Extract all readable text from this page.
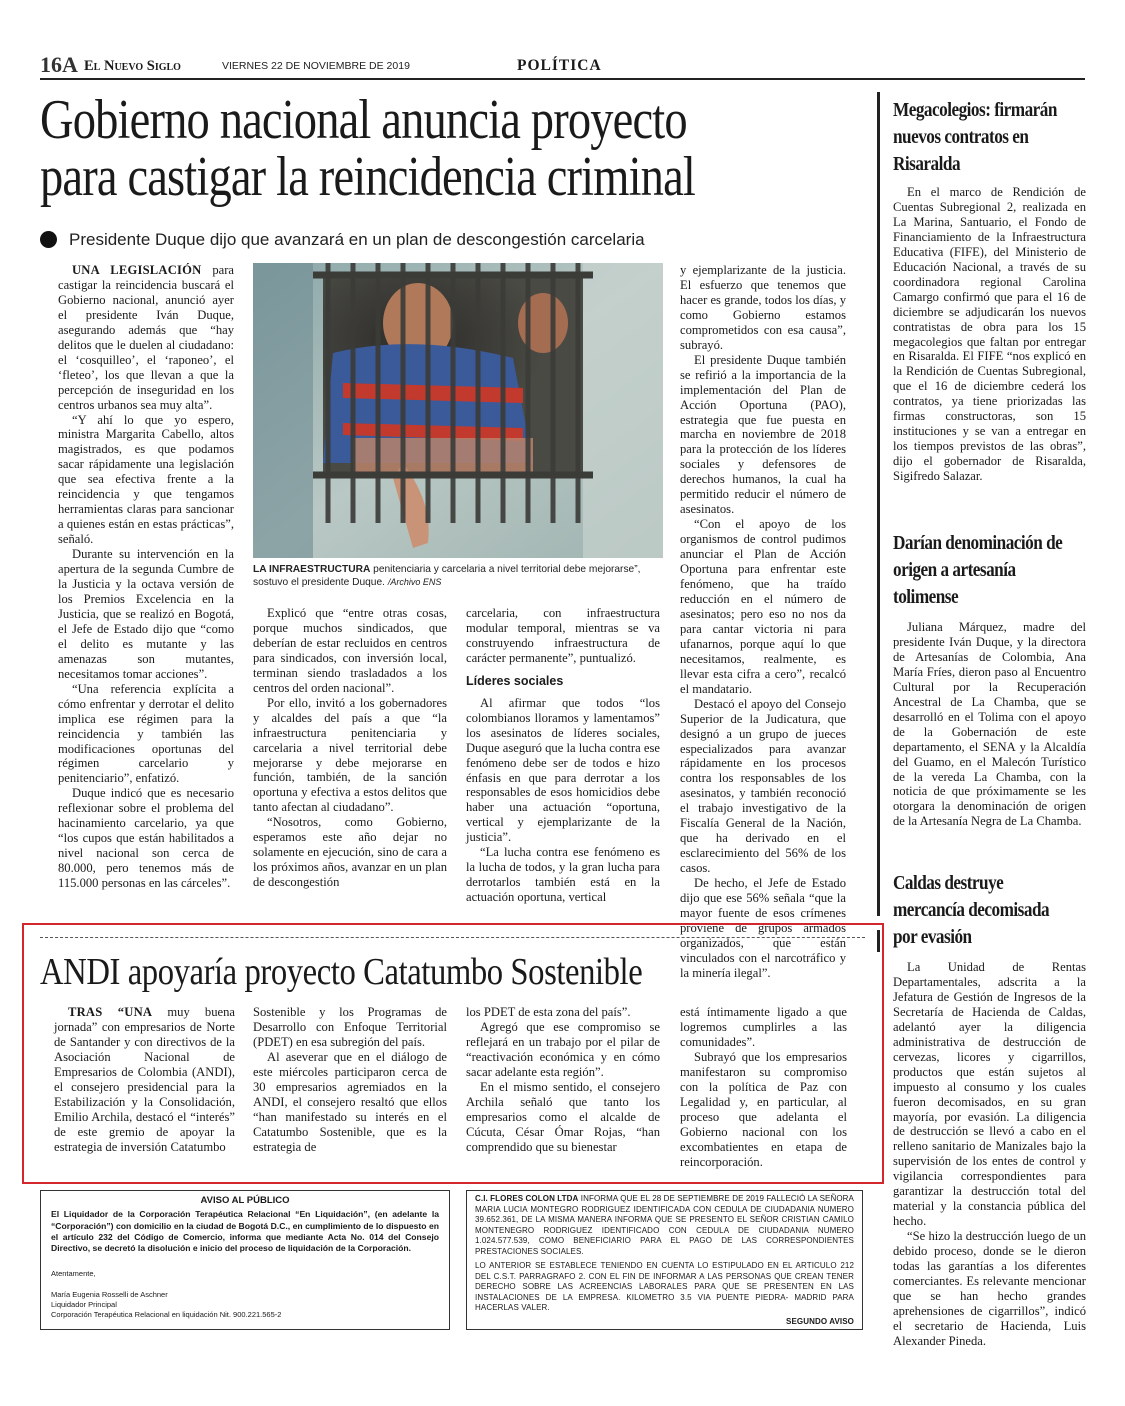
16A El Nuevo Siglo	VIERNES 22 DE NOVIEMBRE DE 2019	POLÍTICA
Gobierno nacional anuncia proyecto
para castigar la reincidencia criminal
Presidente Duque dijo que avanzará en un plan de descongestión carcelaria

UNA LEGISLACIÓN para castigar la reincidencia buscará el Gobierno nacional, anunció ayer el presidente Iván Duque, asegurando además que “hay delitos que le duelen al ciudadano: el ‘cosquilleo’, el ‘raponeo’, el ‘fleteo’, los que llevan a que la percepción de inseguridad en los centros urbanos sea muy alta”.

“Y ahí lo que yo espero, ministra Margarita Cabello, altos magistrados, es que podamos sacar rápidamente una legislación que sea efectiva frente a la reincidencia y que tengamos herramientas claras para sancionar a quienes están en estas prácticas”, señaló.

Durante su intervención en la apertura de la segunda Cumbre de la Justicia y la octava versión de los Premios Excelencia en la Justicia, que se realizó en Bogotá, el Jefe de Estado dijo que “como el delito es mutante y las amenazas son mutantes, necesitamos tomar acciones”.

“Una referencia explícita a cómo enfrentar y derrotar el delito implica ese régimen para la reincidencia y también las modificaciones oportunas del régimen carcelario y penitenciario”, enfatizó.

Duque indicó que es necesario reflexionar sobre el problema del hacinamiento carcelario, ya que “los cupos que están habilitados a nivel nacional son cerca de 80.000, pero tenemos más de 115.000 personas en las cárceles”.

LA INFRAESTRUCTURA penitenciaria y carcelaria a nivel territorial debe mejorarse”, sostuvo el presidente Duque. /Archivo ENS

Explicó que “entre otras cosas, porque muchos sindicados, que deberían de estar recluidos en centros para sindicados, con inversión local, terminan siendo trasladados a los centros del orden nacional”.

Por ello, invitó a los gobernadores y alcaldes del país a que “la infraestructura penitenciaria y carcelaria a nivel territorial debe mejorarse y debe mejorarse en función, también, de la sanción oportuna y efectiva a estos delitos que tanto afectan al ciudadano”.

“Nosotros, como Gobierno, esperamos este año dejar no solamente en ejecución, sino de cara a los próximos años, avanzar en un plan de descongestión

carcelaria, con infraestructura modular temporal, mientras se va construyendo infraestructura de carácter permanente”, puntualizó.

Líderes sociales

Al afirmar que todos “los colombianos lloramos y lamentamos” los asesinatos de líderes sociales, Duque aseguró que la lucha contra ese fenómeno debe ser de todos e hizo énfasis en que para derrotar a los responsables de esos homicidios debe haber una actuación “oportuna, vertical y ejemplarizante de la justicia”.

“La lucha contra ese fenómeno es la lucha de todos, y la gran lucha para derrotarlos también está en la actuación oportuna, vertical

y ejemplarizante de la justicia. El esfuerzo que tenemos que hacer es grande, todos los días, y como Gobierno estamos comprometidos con esa causa”, subrayó.

El presidente Duque también se refirió a la importancia de la implementación del Plan de Acción Oportuna (PAO), estrategia que fue puesta en marcha en noviembre de 2018 para la protección de los líderes sociales y defensores de derechos humanos, la cual ha permitido reducir el número de asesinatos.

“Con el apoyo de los organismos de control pudimos anunciar el Plan de Acción Oportuna para enfrentar este fenómeno, que ha traído reducción en el número de asesinatos; pero eso no nos da para cantar victoria ni para ufanarnos, porque aquí lo que necesitamos, realmente, es llevar esta cifra a cero”, recalcó el mandatario.

Destacó el apoyo del Consejo Superior de la Judicatura, que designó a un grupo de jueces especializados para avanzar rápidamente en los procesos contra los responsables de los asesinatos, y también reconoció el trabajo investigativo de la Fiscalía General de la Nación, que ha derivado en el esclarecimiento del 56% de los casos.

De hecho, el Jefe de Estado dijo que ese 56% señala “que la mayor fuente de esos crímenes proviene de grupos armados organizados, que están vinculados con el narcotráfico y la minería ilegal”.

ANDI apoyaría proyecto Catatumbo Sostenible

TRAS “UNA muy buena jornada” con empresarios de Norte de Santander y con directivos de la Asociación Nacional de Empresarios de Colombia (ANDI), el consejero presidencial para la Estabilización y la Consolidación, Emilio Archila, destacó el “interés” de este gremio de apoyar la estrategia de inversión Catatumbo

Sostenible y los Programas de Desarrollo con Enfoque Territorial (PDET) en esa subregión del país.

Al aseverar que en el diálogo de este miércoles participaron cerca de 30 empresarios agremiados en la ANDI, el consejero resaltó que ellos “han manifestado su interés en el Catatumbo Sostenible, que es la estrategia de

los PDET de esta zona del país”.

Agregó que ese compromiso se reflejará en un trabajo por el pilar de “reactivación económica y en cómo sacar adelante esta región”.

En el mismo sentido, el consejero Archila señaló que tanto los empresarios como el alcalde de Cúcuta, César Ómar Rojas, “han comprendido que su bienestar

está íntimamente ligado a que logremos cumplirles a las comunidades”.

Subrayó que los empresarios manifestaron su compromiso con la política de Paz con Legalidad y, en particular, al proceso que adelanta el Gobierno nacional con los excombatientes en etapa de reincorporación.

AVISO AL PÚBLICO
El Liquidador de la Corporación Terapéutica Relacional “En Liquidación”, (en adelante la “Corporación”) con domicilio en la ciudad de Bogotá D.C., en cumplimiento de lo dispuesto en el artículo 232 del Código de Comercio, informa que mediante Acta No. 014 del Consejo Directivo, se decretó la disolución e inicio del proceso de liquidación de la Corporación.
Atentamente,
María Eugenia Rosselli de Aschner
Liquidador Principal
Corporación Terapéutica Relacional en liquidación Nit. 900.221.565-2
C.I. FLORES COLON LTDA INFORMA QUE EL 28 DE SEPTIEMBRE DE 2019 FALLECIÓ LA SEÑORA MARIA LUCIA MONTEGRO RODRIGUEZ IDENTIFICADA CON CEDULA DE CIUDADANIA NUMERO 39.652.361, DE LA MISMA MANERA INFORMA QUE SE PRESENTO EL SEÑOR CRISTIAN CAMILO MONTENEGRO RODRIGUEZ IDENTIFICADO CON CEDULA DE CIUDADANIA NUMERO 1.024.577.539, COMO BENEFICIARIO PARA EL PAGO DE LAS CORRESPONDIENTES PRESTACIONES SOCIALES.
LO ANTERIOR SE ESTABLECE TENIENDO EN CUENTA LO ESTIPULADO EN EL ARTICULO 212 DEL C.S.T. PARRAGRAFO 2. CON EL FIN DE INFORMAR A LAS PERSONAS QUE CREAN TENER DERECHO SOBRE LAS ACREENCIAS LABORALES PARA QUE SE PRESENTEN EN LAS INSTALACIONES DE LA EMPRESA. KILOMETRO 3.5 VIA PUENTE PIEDRA- MADRID PARA HACERLAS VALER.
SEGUNDO AVISO
Megacolegios: firmarán nuevos contratos en Risaralda

En el marco de Rendición de Cuentas Subregional 2, realizada en La Marina, Santuario, el Fondo de Financiamiento de la Infraestructura Educativa (FIFE), del Ministerio de Educación Nacional, a través de su coordinadora regional Carolina Camargo confirmó que para el 16 de diciembre se adjudicarán los nuevos contratistas de obra para los 15 megacolegios que faltan por entregar en Risaralda. El FIFE “nos explicó en la Rendición de Cuentas Subregional, que el 16 de diciembre cederá los contratos, ya tiene priorizadas las firmas constructoras, son 15 instituciones y se van a entregar en los tiempos previstos de las obras”, dijo el gobernador de Risaralda, Sigifredo Salazar.

Darían denominación de origen a artesanía tolimense

Juliana Márquez, madre del presidente Iván Duque, y la directora de Artesanías de Colombia, Ana María Fríes, dieron paso al Encuentro Cultural por la Recuperación Ancestral de La Chamba, que se desarrolló en el Tolima con el apoyo de la Gobernación de este departamento, el SENA y la Alcaldía del Guamo, en el Malecón Turístico de la vereda La Chamba, con la noticia de que próximamente se les otorgara la denominación de origen de la Artesanía Negra de La Chamba.

Caldas destruye mercancía decomisada por evasión

La Unidad de Rentas Departamentales, adscrita a la Jefatura de Gestión de Ingresos de la Secretaría de Hacienda de Caldas, adelantó ayer la diligencia administrativa de destrucción de cervezas, licores y cigarrillos, productos que están sujetos al impuesto al consumo y los cuales fueron decomisados, en su gran mayoría, por evasión. La diligencia de destrucción se llevó a cabo en el relleno sanitario de Manizales bajo la supervisión de los entes de control y vigilancia correspondientes para garantizar la destrucción total del material y la constancia pública del hecho.

“Se hizo la destrucción luego de un debido proceso, donde se le dieron todas las garantías a los diferentes comerciantes. Es relevante mencionar que se han hecho grandes aprehensiones de cigarrillos”, indicó el secretario de Hacienda, Luis Alexander Pineda.
